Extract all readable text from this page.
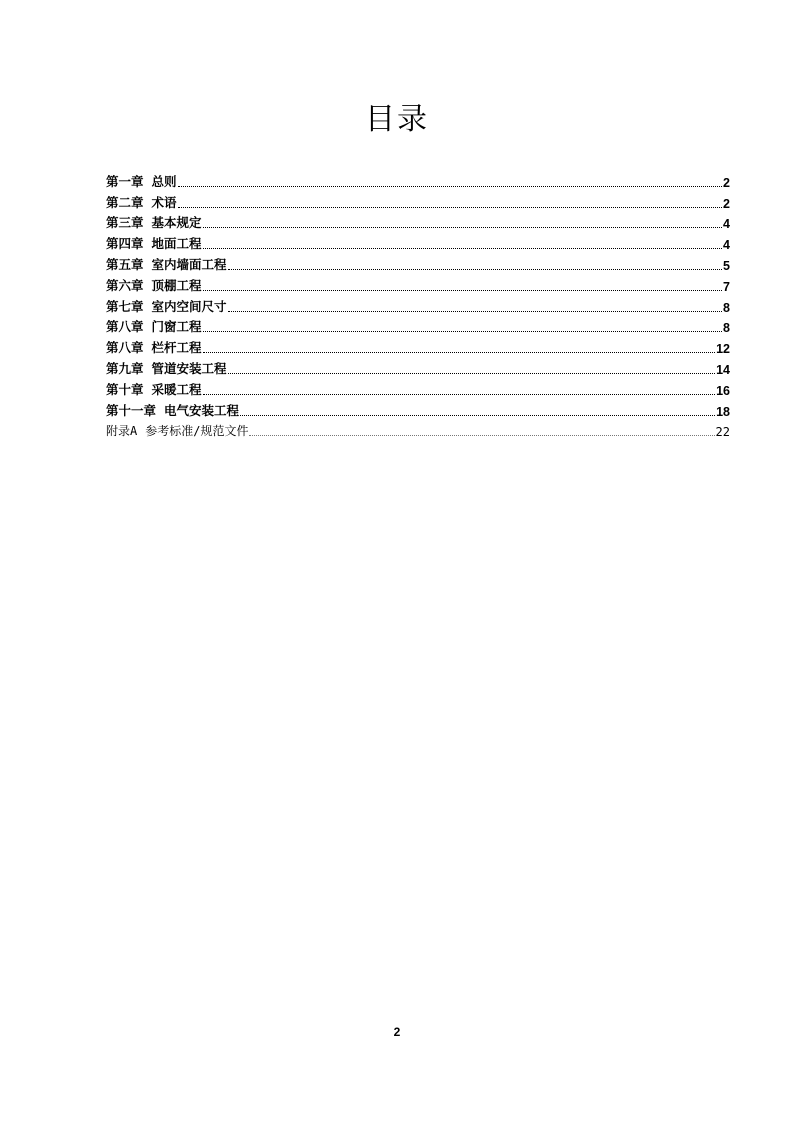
目录
第一章 总则	2
第二章 术语	2
第三章 基本规定	4
第四章 地面工程	4
第五章 室内墙面工程	5
第六章 顶棚工程	7
第七章 室内空间尺寸	8
第八章 门窗工程	8
第八章 栏杆工程	12
第九章 管道安装工程	14
第十章 采暖工程	16
第十一章 电气安装工程	18
附录A 参考标准/规范文件	22
2
